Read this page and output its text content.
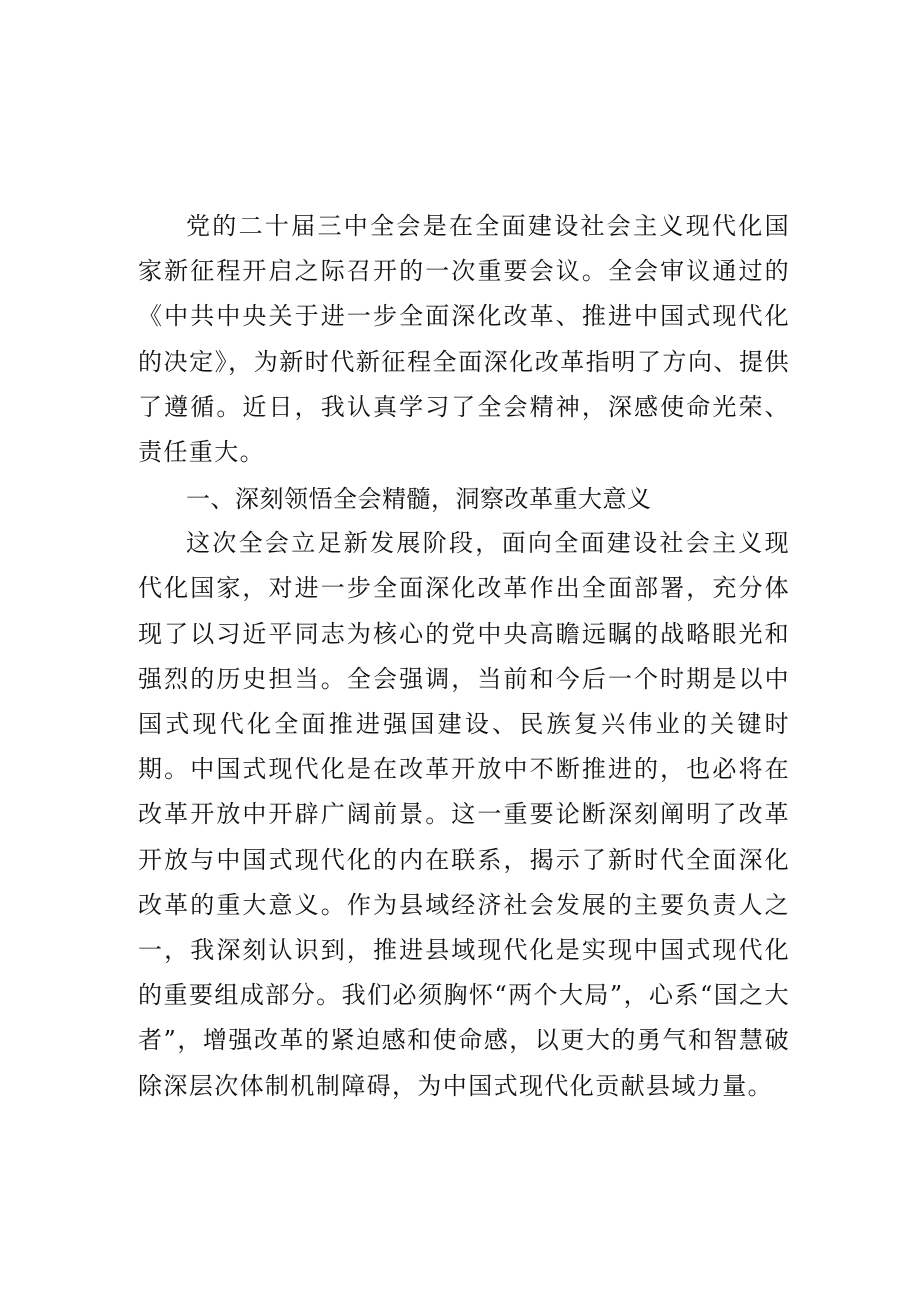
党的二十届三中全会是在全面建设社会主义现代化国家新征程开启之际召开的一次重要会议。全会审议通过的《中共中央关于进一步全面深化改革、推进中国式现代化的决定》，为新时代新征程全面深化改革指明了方向、提供了遵循。近日，我认真学习了全会精神，深感使命光荣、责任重大。

一、深刻领悟全会精髓，洞察改革重大意义

这次全会立足新发展阶段，面向全面建设社会主义现代化国家，对进一步全面深化改革作出全面部署，充分体现了以习近平同志为核心的党中央高瞻远瞩的战略眼光和强烈的历史担当。全会强调，当前和今后一个时期是以中国式现代化全面推进强国建设、民族复兴伟业的关键时期。中国式现代化是在改革开放中不断推进的，也必将在改革开放中开辟广阔前景。这一重要论断深刻阐明了改革开放与中国式现代化的内在联系，揭示了新时代全面深化改革的重大意义。作为县域经济社会发展的主要负责人之一，我深刻认识到，推进县域现代化是实现中国式现代化的重要组成部分。我们必须胸怀“两个大局”，心系“国之大者”，增强改革的紧迫感和使命感，以更大的勇气和智慧破除深层次体制机制障碍，为中国式现代化贡献县域力量。
